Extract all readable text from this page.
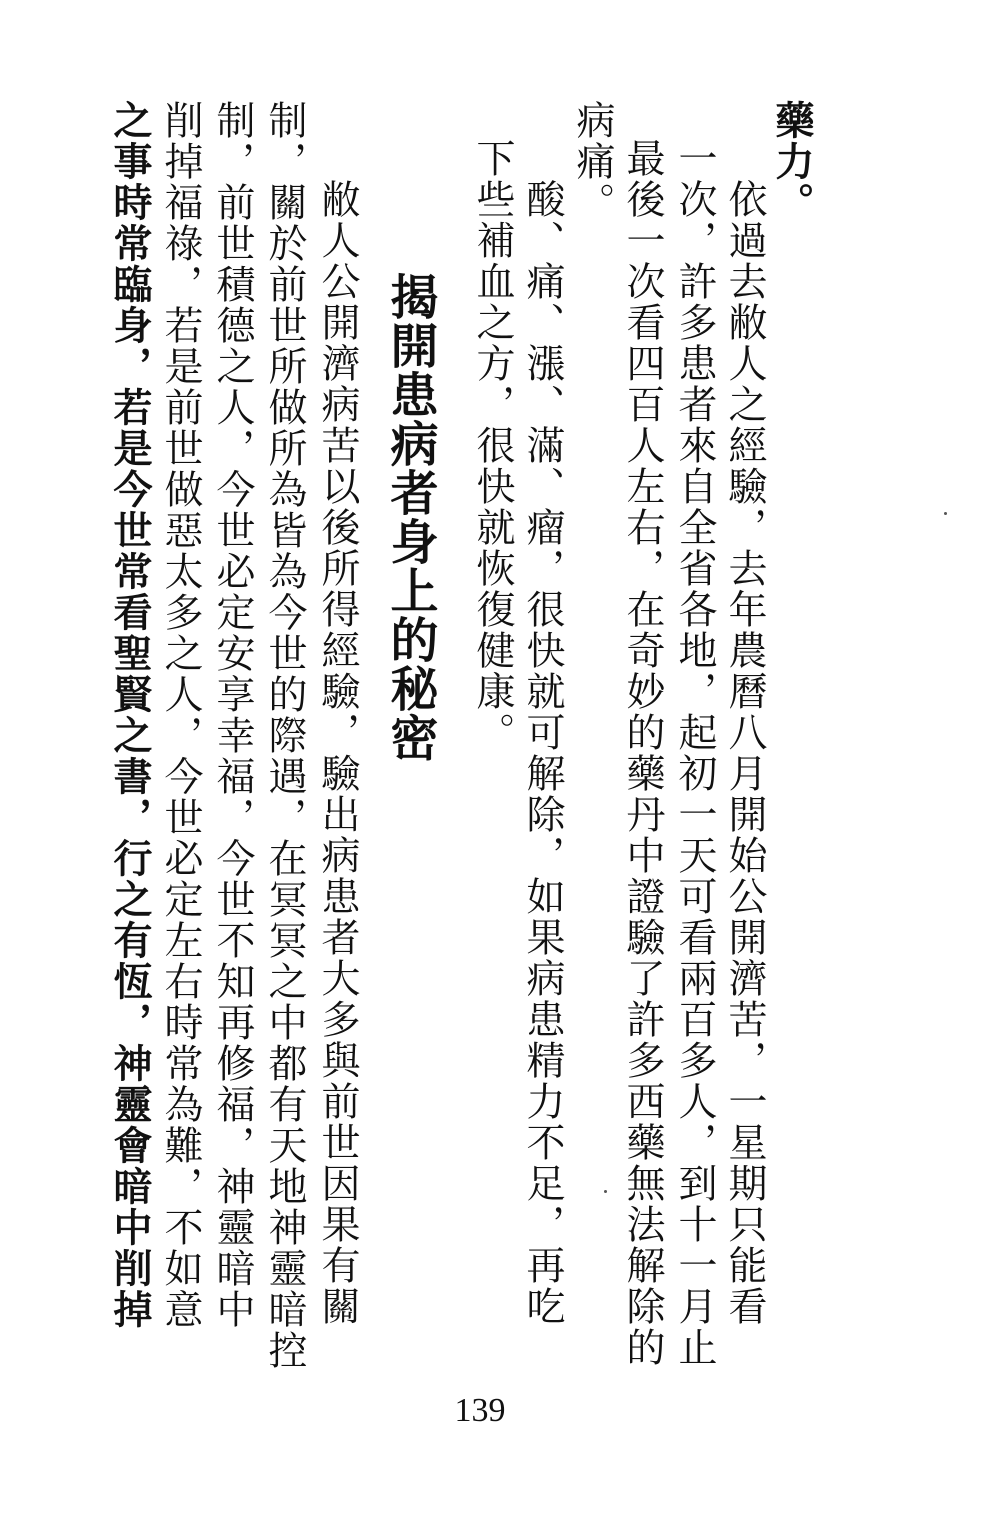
藥力。
　依過去敝人之經驗，去年農曆八月開始公開濟苦，一星期只能看
一次，許多患者來自全省各地，起初一天可看兩百多人，到十一月止
最後一次看四百人左右，在奇妙的藥丹中證驗了許多西藥無法解除的
病痛。
　酸、痛、漲、滿、瘤，很快就可解除，如果病患精力不足，再吃
下些補血之方，很快就恢復健康。
揭開患病者身上的秘密
　敝人公開濟病苦以後所得經驗，驗出病患者大多與前世因果有關
制，關於前世所做所為皆為今世的際遇，在冥冥之中都有天地神靈暗控
制，前世積德之人，今世必定安享幸福，今世不知再修福，神靈暗中
削掉福祿，若是前世做惡太多之人，今世必定左右時常為難，不如意
之事時常臨身，若是今世常看聖賢之書，行之有恆，神靈會暗中削掉
139
